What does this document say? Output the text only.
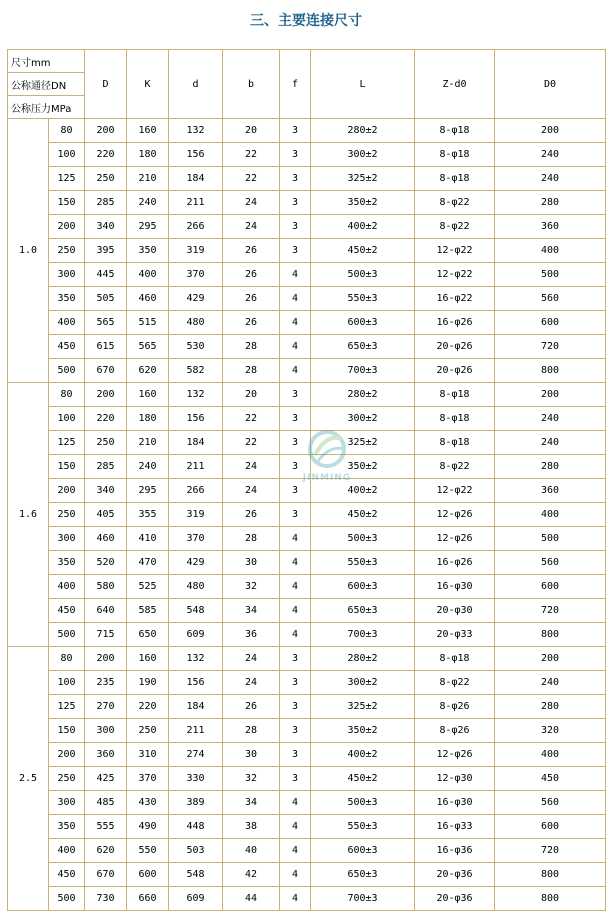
三、主要连接尺寸
尺寸mm		D	K	d	b	f	L	Z-d0	D0
公称通径DN									
公称压力MPa									
1.0	80	200	160	132	20	3	280±2	8-φ18	200
	100	220	180	156	22	3	300±2	8-φ18	240
	125	250	210	184	22	3	325±2	8-φ18	240
	150	285	240	211	24	3	350±2	8-φ22	280
	200	340	295	266	24	3	400±2	8-φ22	360
	250	395	350	319	26	3	450±2	12-φ22	400
	300	445	400	370	26	4	500±3	12-φ22	500
	350	505	460	429	26	4	550±3	16-φ22	560
	400	565	515	480	26	4	600±3	16-φ26	600
	450	615	565	530	28	4	650±3	20-φ26	720
	500	670	620	582	28	4	700±3	20-φ26	800
1.6	80	200	160	132	20	3	280±2	8-φ18	200
	100	220	180	156	22	3	300±2	8-φ18	240
	125	250	210	184	22	3	325±2	8-φ18	240
	150	285	240	211	24	3	350±2	8-φ22	280
	200	340	295	266	24	3	400±2	12-φ22	360
	250	405	355	319	26	3	450±2	12-φ26	400
	300	460	410	370	28	4	500±3	12-φ26	500
	350	520	470	429	30	4	550±3	16-φ26	560
	400	580	525	480	32	4	600±3	16-φ30	600
	450	640	585	548	34	4	650±3	20-φ30	720
	500	715	650	609	36	4	700±3	20-φ33	800
2.5	80	200	160	132	24	3	280±2	8-φ18	200
	100	235	190	156	24	3	300±2	8-φ22	240
	125	270	220	184	26	3	325±2	8-φ26	280
	150	300	250	211	28	3	350±2	8-φ26	320
	200	360	310	274	30	3	400±2	12-φ26	400
	250	425	370	330	32	3	450±2	12-φ30	450
	300	485	430	389	34	4	500±3	16-φ30	560
	350	555	490	448	38	4	550±3	16-φ33	600
	400	620	550	503	40	4	600±3	16-φ36	720
	450	670	600	548	42	4	650±3	20-φ36	800
	500	730	660	609	44	4	700±3	20-φ36	800
JINMING
